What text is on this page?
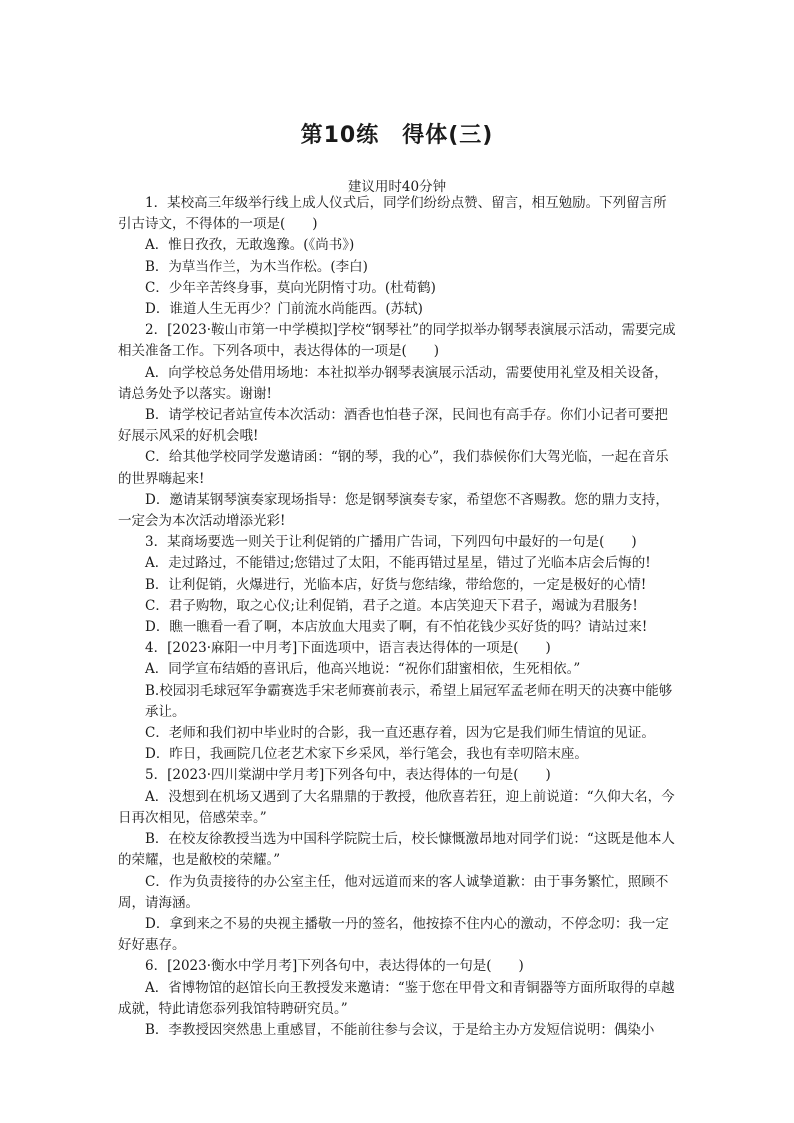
第10练　得体(三)
建议用时40分钟

1．某校高三年级举行线上成人仪式后，同学们纷纷点赞、留言，相互勉励。下列留言所引古诗文，不得体的一项是(　　)

A．惟日孜孜，无敢逸豫。(《尚书》)

B．为草当作兰，为木当作松。(李白)

C．少年辛苦终身事，莫向光阴惰寸功。(杜荀鹤)

D．谁道人生无再少？门前流水尚能西。(苏轼)

2．[2023·鞍山市第一中学模拟]学校“钢琴社”的同学拟举办钢琴表演展示活动，需要完成相关准备工作。下列各项中，表达得体的一项是(　　)

A．向学校总务处借用场地：本社拟举办钢琴表演展示活动，需要使用礼堂及相关设备，请总务处予以落实。谢谢!

B．请学校记者站宣传本次活动：酒香也怕巷子深，民间也有高手存。你们小记者可要把好展示风采的好机会哦!

C．给其他学校同学发邀请函：“钢的琴，我的心”，我们恭候你们大驾光临，一起在音乐的世界嗨起来!

D．邀请某钢琴演奏家现场指导：您是钢琴演奏专家，希望您不吝赐教。您的鼎力支持，一定会为本次活动增添光彩!

3．某商场要选一则关于让利促销的广播用广告词，下列四句中最好的一句是(　　)

A．走过路过，不能错过;您错过了太阳，不能再错过星星，错过了光临本店会后悔的!

B．让利促销，火爆进行，光临本店，好货与您结缘，带给您的，一定是极好的心情!

C．君子购物，取之心仪;让利促销，君子之道。本店笑迎天下君子，竭诚为君服务!

D．瞧一瞧看一看了啊，本店放血大甩卖了啊，有不怕花钱少买好货的吗？请站过来!

4．[2023·麻阳一中月考]下面选项中，语言表达得体的一项是(　　)

A．同学宣布结婚的喜讯后，他高兴地说：“祝你们甜蜜相依，生死相依。”

B.校园羽毛球冠军争霸赛选手宋老师赛前表示，希望上届冠军孟老师在明天的决赛中能够承让。

C．老师和我们初中毕业时的合影，我一直还惠存着，因为它是我们师生情谊的见证。

D．昨日，我画院几位老艺术家下乡采风，举行笔会，我也有幸叨陪末座。

5．[2023·四川棠湖中学月考]下列各句中，表达得体的一句是(　　)

A．没想到在机场又遇到了大名鼎鼎的于教授，他欣喜若狂，迎上前说道：“久仰大名，今日再次相见，倍感荣幸。”

B．在校友徐教授当选为中国科学院院士后，校长慷慨激昂地对同学们说：“这既是他本人的荣耀，也是敝校的荣耀。”

C．作为负责接待的办公室主任，他对远道而来的客人诚挚道歉：由于事务繁忙，照顾不周，请海涵。

D．拿到来之不易的央视主播敬一丹的签名，他按捺不住内心的激动，不停念叨：我一定好好惠存。

6．[2023·衡水中学月考]下列各句中，表达得体的一句是(　　)

A．省博物馆的赵馆长向王教授发来邀请：“鉴于您在甲骨文和青铜器等方面所取得的卓越成就，特此请您忝列我馆特聘研究员。”

B．李教授因突然患上重感冒，不能前往参与会议，于是给主办方发短信说明：偶染小
